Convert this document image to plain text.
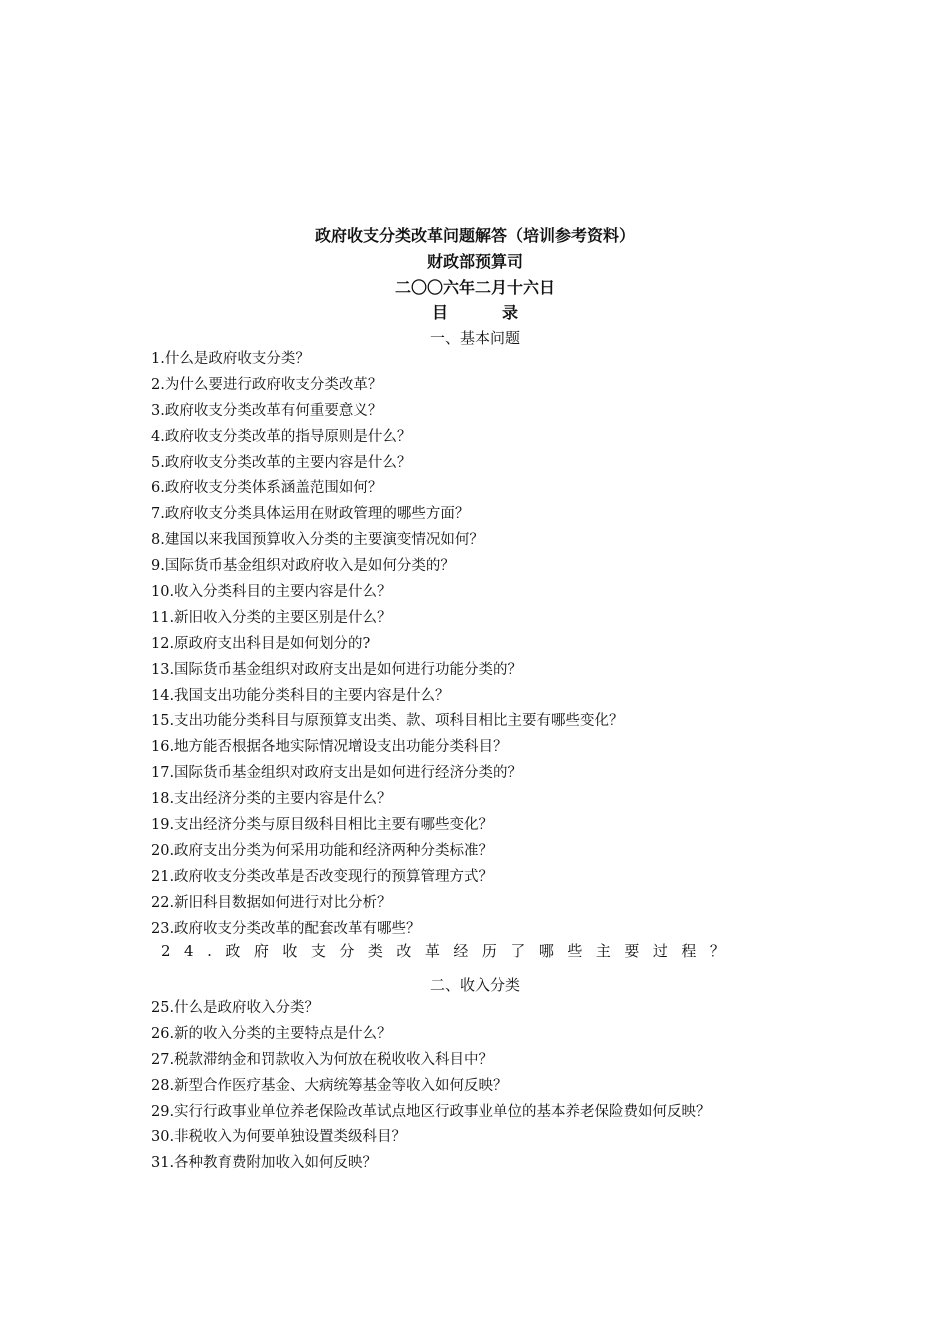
政府收支分类改革问题解答（培训参考资料）
财政部预算司
二〇〇六年二月十六日
目录
一、基本问题
1.什么是政府收支分类？
2.为什么要进行政府收支分类改革？
3.政府收支分类改革有何重要意义？
4.政府收支分类改革的指导原则是什么？
5.政府收支分类改革的主要内容是什么？
6.政府收支分类体系涵盖范围如何？
7.政府收支分类具体运用在财政管理的哪些方面？
8.建国以来我国预算收入分类的主要演变情况如何？
9.国际货币基金组织对政府收入是如何分类的？
10.收入分类科目的主要内容是什么？
11.新旧收入分类的主要区别是什么？
12.原政府支出科目是如何划分的?
13.国际货币基金组织对政府支出是如何进行功能分类的？
14.我国支出功能分类科目的主要内容是什么？
15.支出功能分类科目与原预算支出类、款、项科目相比主要有哪些变化？
16.地方能否根据各地实际情况增设支出功能分类科目？
17.国际货币基金组织对政府支出是如何进行经济分类的？
18.支出经济分类的主要内容是什么？
19.支出经济分类与原目级科目相比主要有哪些变化？
20.政府支出分类为何采用功能和经济两种分类标准？
21.政府收支分类改革是否改变现行的预算管理方式？
22.新旧科目数据如何进行对比分析？
23.政府收支分类改革的配套改革有哪些？
24.政府收支分类改革经历了哪些主要过程？
二、收入分类
25.什么是政府收入分类？
26.新的收入分类的主要特点是什么？
27.税款滞纳金和罚款收入为何放在税收收入科目中？
28.新型合作医疗基金、大病统筹基金等收入如何反映？
29.实行行政事业单位养老保险改革试点地区行政事业单位的基本养老保险费如何反映？
30.非税收入为何要单独设置类级科目？
31.各种教育费附加收入如何反映？
